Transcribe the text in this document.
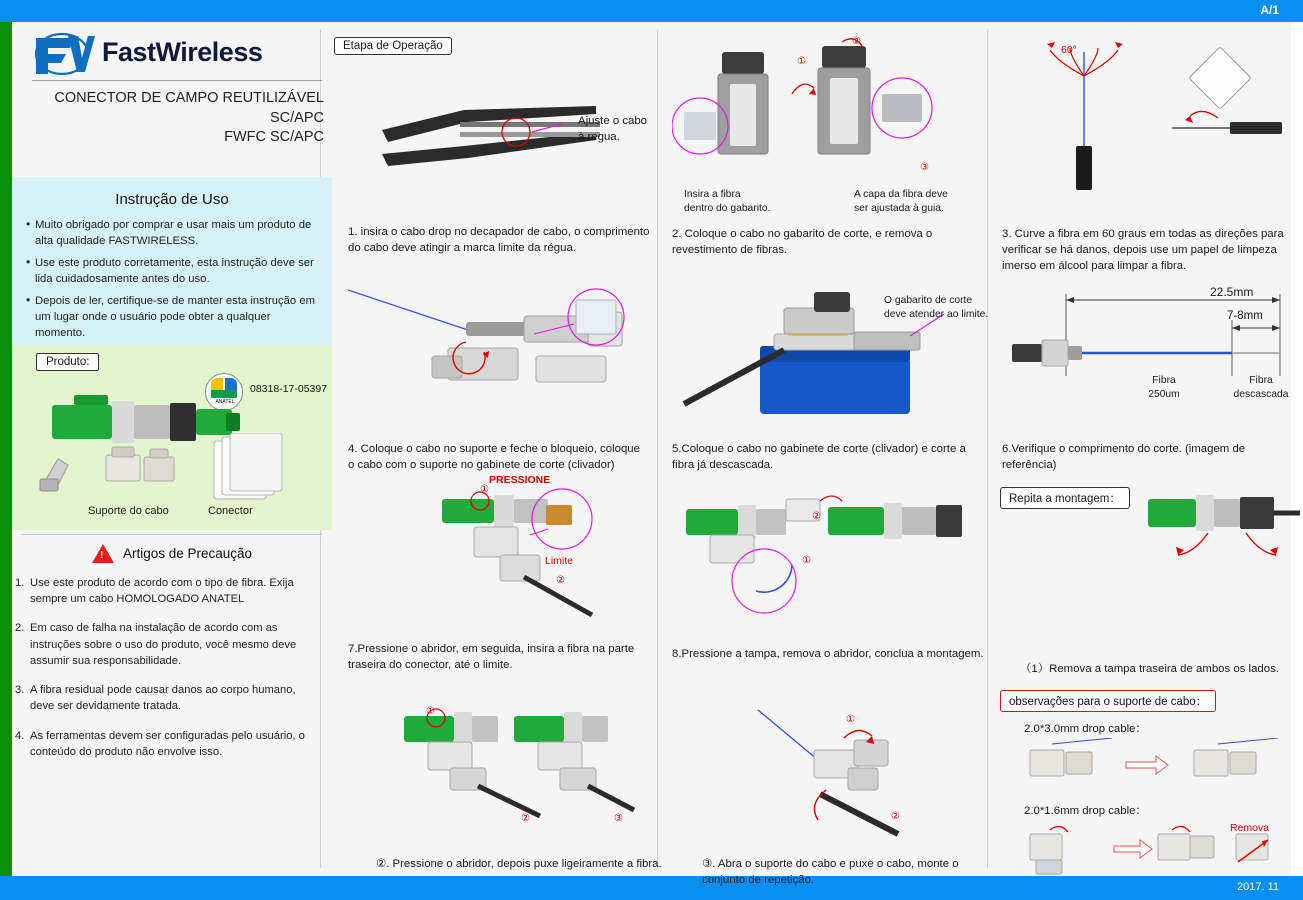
A/1
2017. 11
FastWireless
CONECTOR DE CAMPO REUTILIZÁVEL SC/APC
FWFC SC/APC
Instrução de Uso
• Muito obrigado por comprar e usar mais um produto de alta qualidade FASTWIRELESS.
• Use este produto corretamente, esta instrução deve ser lida cuidadosamente antes do uso.
• Depois de ler, certifique-se de manter esta instrução em um lugar onde o usuário pode obter a qualquer momento.
Produto:
ANATEL
08318-17-05397
Suporte do cabo	Conector
!
Artigos de Precaução
1. Use este produto de acordo com o tipo de fibra. Exija sempre um cabo HOMOLOGADO ANATEL
2. Em caso de falha na instalação de acordo com as instruções sobre o uso do produto, você mesmo deve assumir sua responsabilidade.
3. A fibra residual pode causar danos ao corpo humano, deve ser devidamente tratada.
4. As ferramentas devem ser configuradas pelo usuário, o conteúdo do produto não envolve isso.
Etapa de Operação
Ajuste o cabo
à regua.
1. insira o cabo drop no decapador de cabo, o comprimento do cabo deve atingir a marca limite da régua.
4. Coloque o cabo no suporte e feche o bloqueio, coloque o cabo com o suporte no gabinete de corte (clivador)
PRESSIONE
Limite
①
②
7.Pressione o abridor, em seguida, insira a fibra na parte traseira do conector, até o limite.
①
②	③
②. Pressione o abridor, depois puxe ligeiramente a fibra.
①
②
③
Insira a fibra
dentro do gabarito.
A capa da fibra deve
ser ajustada à guia.
2. Coloque o cabo no gabarito de corte, e remova o revestimento de fibras.
O gabarito de corte
deve atender ao limite.
5.Coloque o cabo no gabinete de corte (clivador) e corte a fibra já descascada.
②
①
8.Pressione a tampa, remova o abridor, conclua a montagem.
①
②
③. Abra o suporte do cabo e puxe o cabo, monte o conjunto de repetição.
60°
3. Curve a fibra em 60 graus em todas as direções para verificar se há danos, depois use um papel de limpeza imerso em álcool para limpar a fibra.
22.5mm
7-8mm
Fibra
250um
Fibra
descascada
6.Verifique o comprimento do corte. (imagem de referência)
Repita a montagem：
（1）Remova a tampa traseira de ambos os lados.
observações para o suporte de cabo：
2.0*3.0mm drop cable：
2.0*1.6mm drop cable：
Remova
